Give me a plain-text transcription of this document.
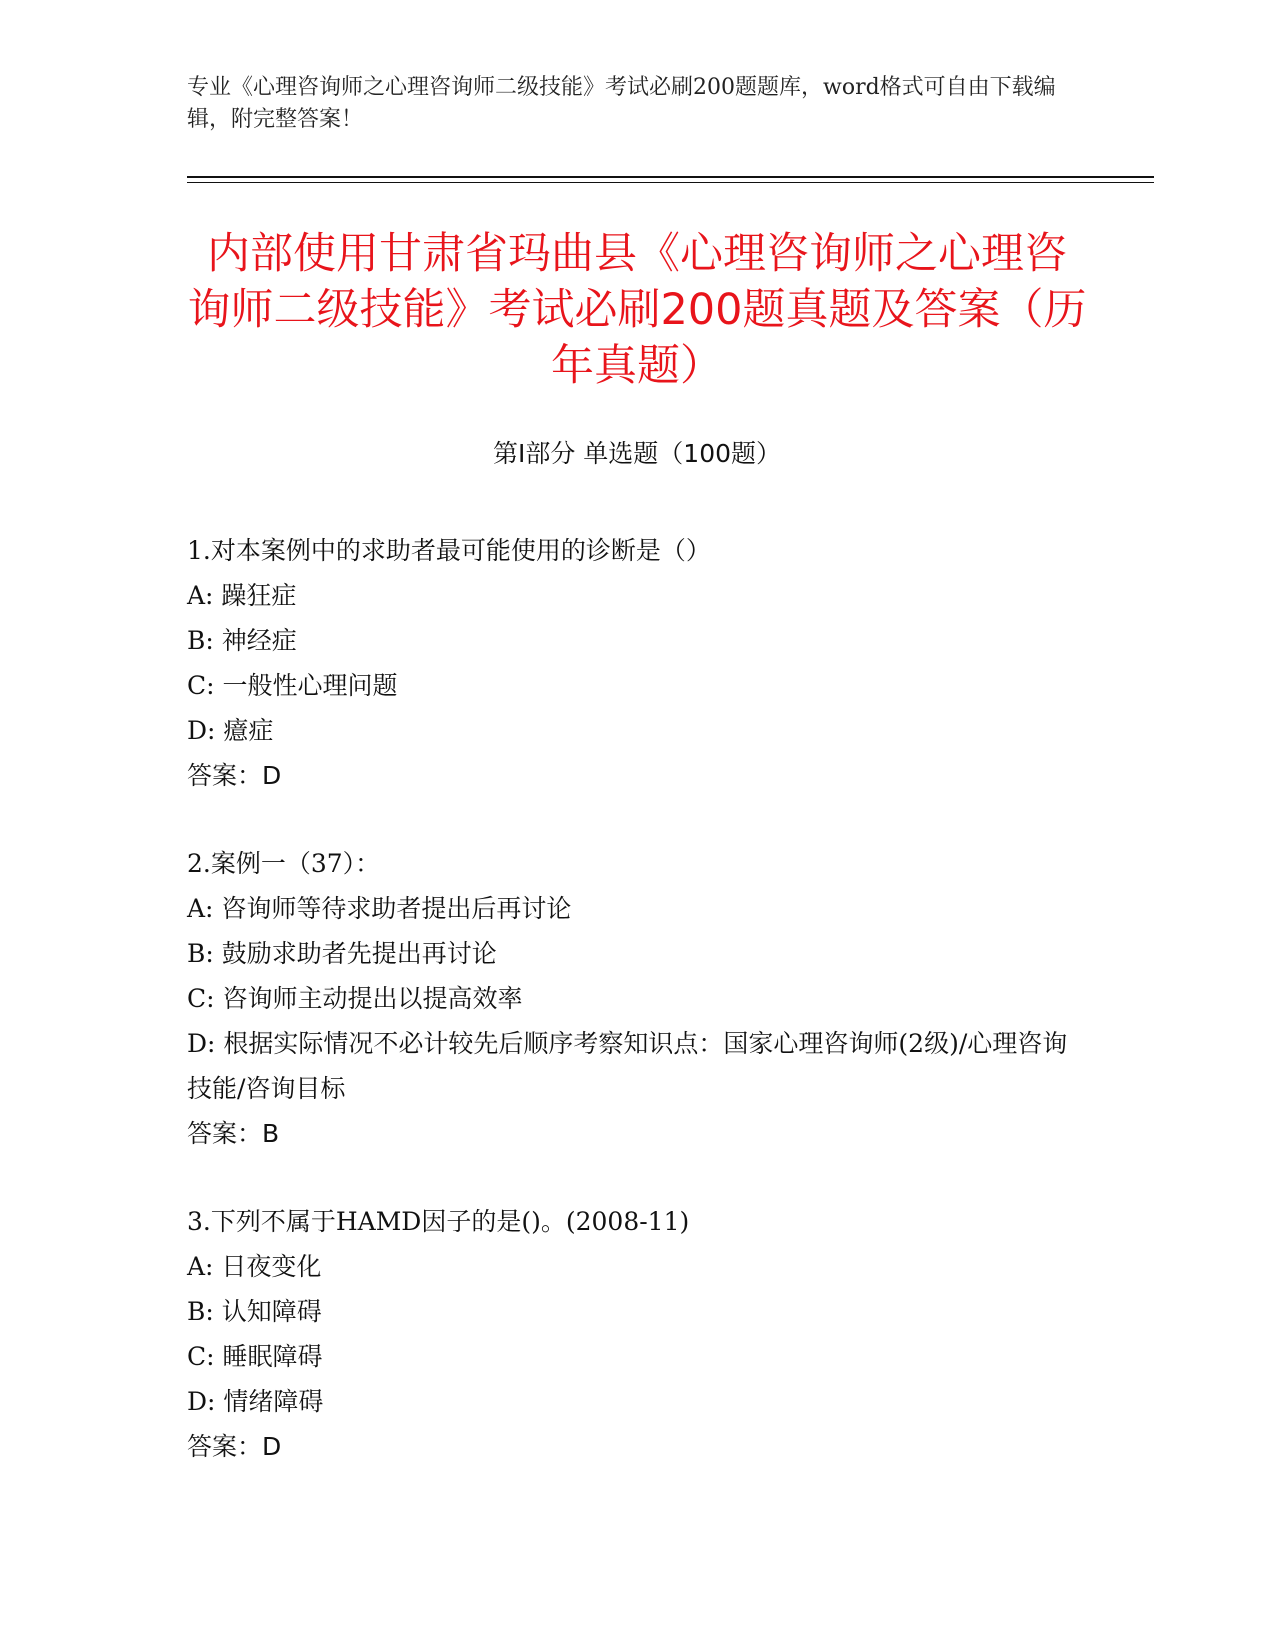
专业《心理咨询师之心理咨询师二级技能》考试必刷200题题库，word格式可自由下载编辑，附完整答案！
内部使用甘肃省玛曲县《心理咨询师之心理咨询师二级技能》考试必刷200题真题及答案（历年真题）
第Ⅰ部分 单选题（100题）
1.对本案例中的求助者最可能使用的诊断是（）
A: 躁狂症
B: 神经症
C: 一般性心理问题
D: 癔症
答案：D
2.案例一（37）：
A: 咨询师等待求助者提出后再讨论
B: 鼓励求助者先提出再讨论
C: 咨询师主动提出以提高效率
D: 根据实际情况不必计较先后顺序考察知识点：国家心理咨询师(2级)/心理咨询技能/咨询目标
答案：B
3.下列不属于HAMD因子的是()。(2008-11)
A: 日夜变化
B: 认知障碍
C: 睡眠障碍
D: 情绪障碍
答案：D
